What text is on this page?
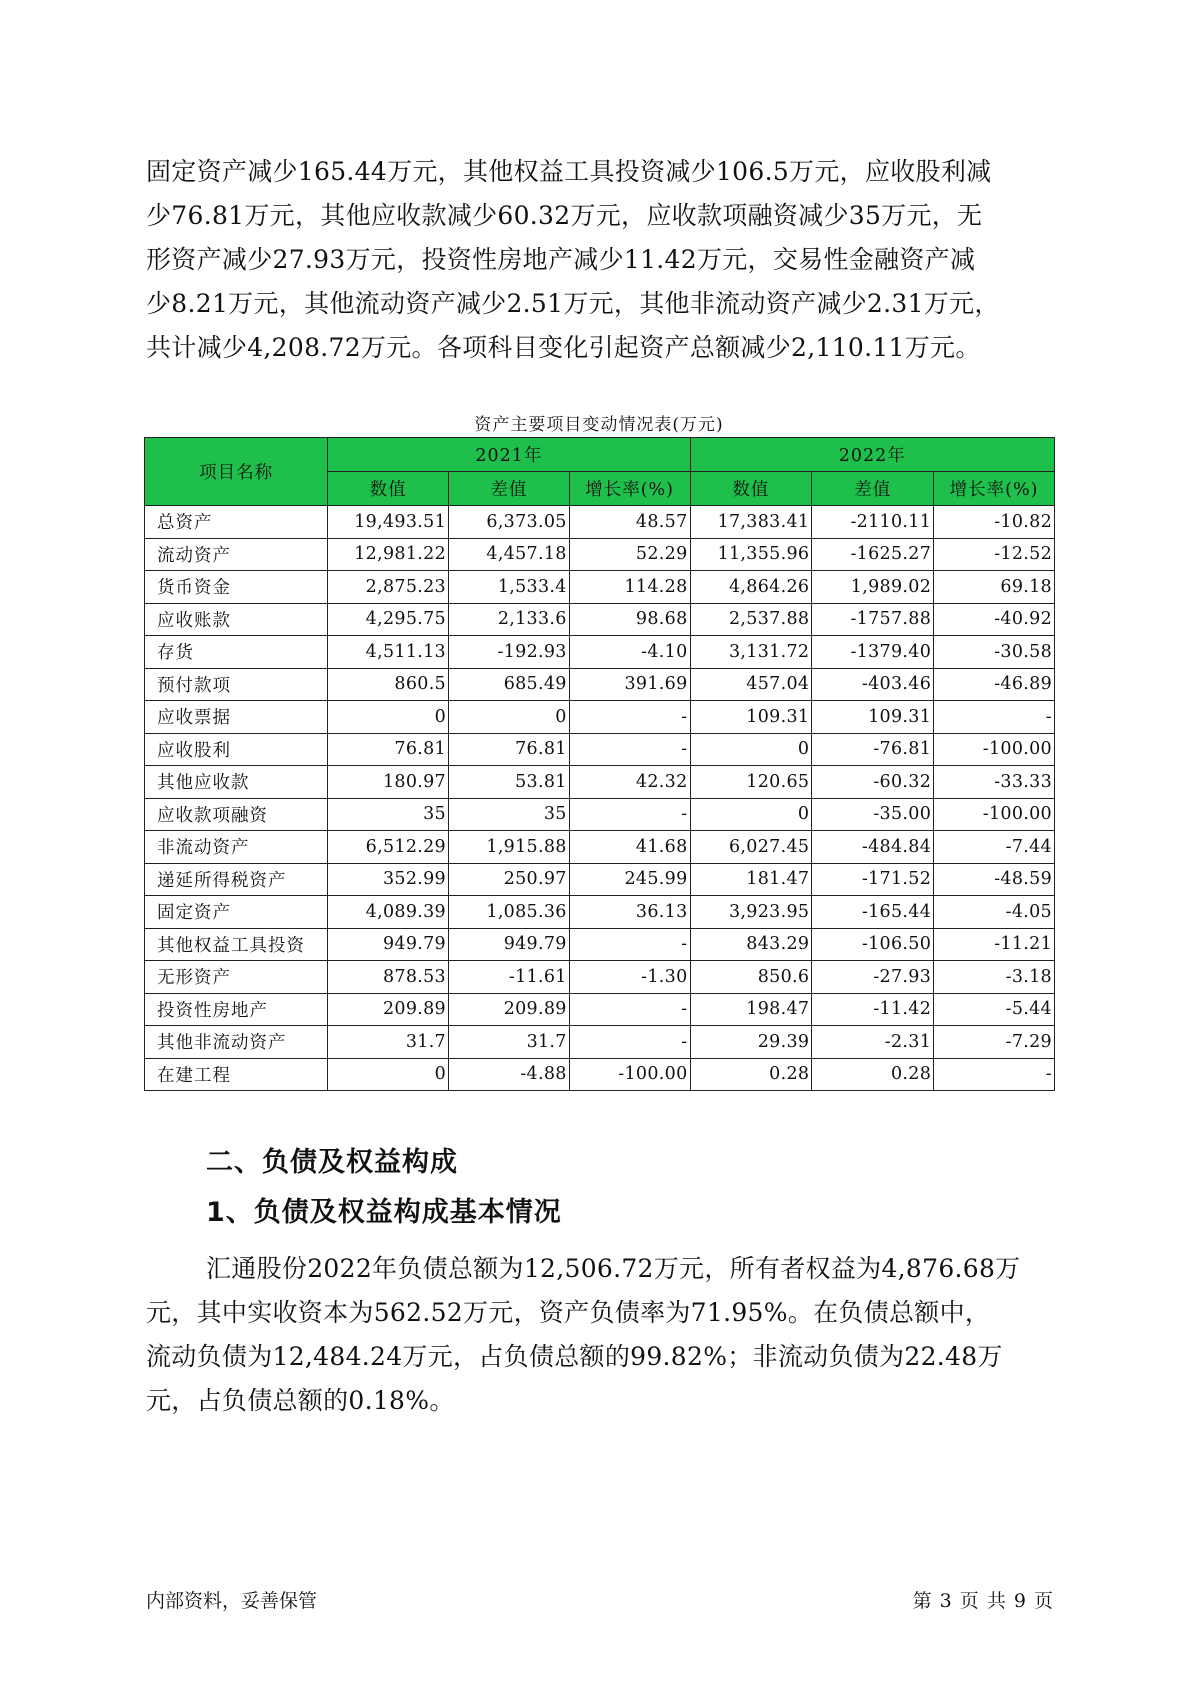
固定资产减少165.44万元，其他权益工具投资减少106.5万元，应收股利减
少76.81万元，其他应收款减少60.32万元，应收款项融资减少35万元，无
形资产减少27.93万元，投资性房地产减少11.42万元，交易性金融资产减
少8.21万元，其他流动资产减少2.51万元，其他非流动资产减少2.31万元，
共计减少4,208.72万元。各项科目变化引起资产总额减少2,110.11万元。
资产主要项目变动情况表(万元)
项目名称	2021年			2022年		
	数值	差值	增长率(%)	数值	差值	增长率(%)
总资产	19,493.51	6,373.05	48.57	17,383.41	-2110.11	-10.82
流动资产	12,981.22	4,457.18	52.29	11,355.96	-1625.27	-12.52
货币资金	2,875.23	1,533.4	114.28	4,864.26	1,989.02	69.18
应收账款	4,295.75	2,133.6	98.68	2,537.88	-1757.88	-40.92
存货	4,511.13	-192.93	-4.10	3,131.72	-1379.40	-30.58
预付款项	860.5	685.49	391.69	457.04	-403.46	-46.89
应收票据	0	0	-	109.31	109.31	-
应收股利	76.81	76.81	-	0	-76.81	-100.00
其他应收款	180.97	53.81	42.32	120.65	-60.32	-33.33
应收款项融资	35	35	-	0	-35.00	-100.00
非流动资产	6,512.29	1,915.88	41.68	6,027.45	-484.84	-7.44
递延所得税资产	352.99	250.97	245.99	181.47	-171.52	-48.59
固定资产	4,089.39	1,085.36	36.13	3,923.95	-165.44	-4.05
其他权益工具投资	949.79	949.79	-	843.29	-106.50	-11.21
无形资产	878.53	-11.61	-1.30	850.6	-27.93	-3.18
投资性房地产	209.89	209.89	-	198.47	-11.42	-5.44
其他非流动资产	31.7	31.7	-	29.39	-2.31	-7.29
在建工程	0	-4.88	-100.00	0.28	0.28	-
二、负债及权益构成
1、负债及权益构成基本情况
汇通股份2022年负债总额为12,506.72万元，所有者权益为4,876.68万
元，其中实收资本为562.52万元，资产负债率为71.95%。在负债总额中，
流动负债为12,484.24万元，占负债总额的99.82%；非流动负债为22.48万
元，占负债总额的0.18%。
内部资料，妥善保管	第 3 页 共 9 页
